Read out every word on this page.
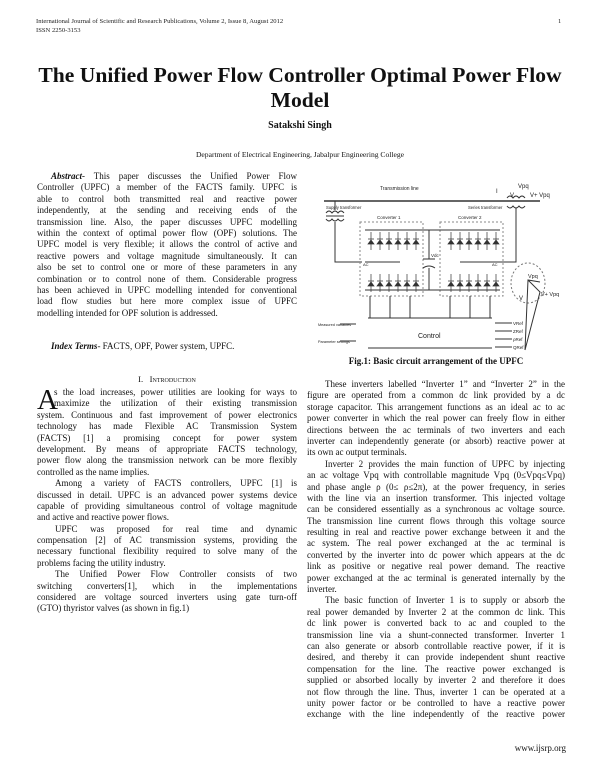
International Journal of Scientific and Research Publications, Volume 2, Issue 8, August 2012
ISSN 2250-3153
1
The Unified Power Flow Controller Optimal Power Flow
Model
Satakshi Singh
Department of Electrical Engineering, Jabalpur Engineering College
Abstract- This paper discusses the Unified Power Flow
Controller (UPFC) a member of the FACTS family. UPFC is
able to control both transmitted real and reactive power
independently, at the sending and receiving ends of the
transmission line. Also, the paper discusses UPFC modelling
within the context of optimal power flow (OPF) solutions. The
UPFC model is very flexible; it allows the control of active and
reactive powers and voltage magnitude simultaneously. It can
also be set to control one or more of these parameters in any
combination or to control none of them. Considerable progress
has been achieved in UPFC modelling intended for conventional
load flow studies but here more complex issue of UPFC
modelling intended for OPF solution is addressed.
Index Terms- FACTS, OPF, Power system, UPFC.
I. Introduction
A
s the load increases, power utilities are looking for ways to
maximize the utilization of their existing transmission
system. Continuous and fast improvement of power electronics
technology has made Flexible AC Transmission System
(FACTS) [1] a promising concept for power system
development. By means of appropriate FACTS technology,
power flow along the transmission network can be more flexibly
controlled as the name implies.
Among a variety of FACTS controllers, UPFC [1] is
discussed in detail. UPFC is an advanced power systems device
capable of providing simultaneous control of voltage magnitude
and active and reactive power flows.
UPFC was proposed for real time and dynamic
compensation [2] of AC transmission systems, providing the
necessary functional flexibility required to solve many of the
problems facing the utility industry.
The Unified Power Flow Controller consists of two
switching converters[1], which in the implementations
considered are voltage sourced inverters using gate turn-off
(GTO) thyristor valves (as shown in fig.1)
Transmission line	I
V
Vpq
V+ Vpq
Supply transformer	Series transformer
Converter 1	Converter 2
Vdc
AC	AC
Control
Measured variables
Parameter settings
VRef
ZRef
ρRef
QRef
V
Vpq
V+ Vpq
Fig.1: Basic circuit arrangement of the UPFC
These inverters labelled “Inverter 1” and “Inverter 2” in the
figure are operated from a common dc link provided by a dc
storage capacitor. This arrangement functions as an ideal ac to ac
power converter in which the real power can freely flow in either
directions between the ac terminals of two inverters and each
inverter can independently generate (or absorb) reactive power at
its own ac output terminals.
Inverter 2 provides the main function of UPFC by injecting
an ac voltage Vpq with controllable magnitude Vpq (0≤Vpq≤Vpq)
and phase angle ρ (0≤ ρ≤2π), at the power frequency, in series
with the line via an insertion transformer. This injected voltage
can be considered essentially as a synchronous ac voltage source.
The transmission line current flows through this voltage source
resulting in real and reactive power exchange between it and the
ac system. The real power exchanged at the ac terminal is
converted by the inverter into dc power which appears at the dc
link as positive or negative real power demand. The reactive
power exchanged at the ac terminal is generated internally by the
inverter.
The basic function of Inverter 1 is to supply or absorb the
real power demanded by Inverter 2 at the common dc link. This
dc link power is converted back to ac and coupled to the
transmission line via a shunt-connected transformer. Inverter 1
can also generate or absorb controllable reactive power, if it is
desired, and thereby it can provide independent shunt reactive
compensation for the line. The reactive power exchanged is
supplied or absorbed locally by inverter 2 and therefore it does
not flow through the line. Thus, inverter 1 can be operated at a
unity power factor or be controlled to have a reactive power
exchange with the line independently of the reactive power
www.ijsrp.org
